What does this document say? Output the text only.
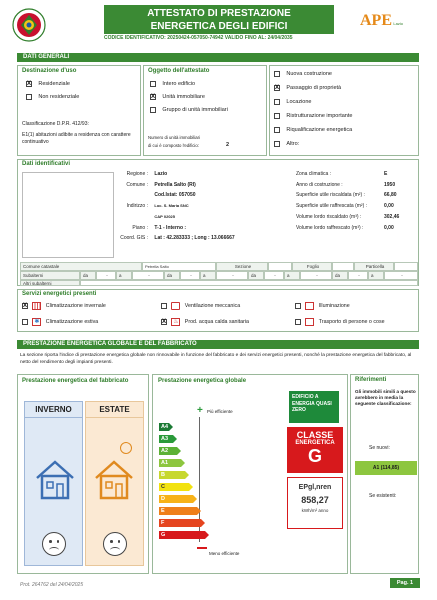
ATTESTATO DI PRESTAZIONE
ENERGETICA DEGLI EDIFICI
CODICE IDENTIFICATIVO: 20250424-057050-74942 VALIDO FINO AL: 24/04/2035
APE Lazio
DATI GENERALI
Destinazione d'uso
X Residenziale
Non residenziale
Classificazione D.P.R. 412/93:
E1(1) abitazioni adibite a residenza con carattere continuativo
Oggetto dell'attestato
Intero edificio
X Unità immobiliare
Gruppo di unità immobiliari
Numero di unità immobiliari
di cui è composto l'edificio:	2
Nuova costruzione
X Passaggio di proprietà
Locazione
Ristrutturazione importante
Riqualificazione energetica
Altro:
Dati identificativi
Regione : Lazio
Comune : Petrella Salto (RI)
Cod.Istat: 057050
Indirizzo : Loc. S. Maria SNC
CAP 02025
Piano : T-1 - Interno :
Coord. GIS : Lat : 42.283333 ; Long : 13.066667
Zona climatica :	E
Anno di costruzione :	1950
Superficie utile riscaldata (m²) :	66,80
Superficie utile raffrescata (m²) :	0,00
Volume lordo riscaldato (m³) :	302,46
Volume lordo raffrescato (m³) :	0,00
Comune catastale	Petrella Salto	Sezione	Foglio	Particella
Subalterni	da	-	a	-	da	-	a	-	da	-	a	-	da	-	a	-
Altri subalterni
Servizi energetici presenti
X	Climatizzazione invernale	Ventilazione meccanica	Illuminazione
✱ Climatizzazione estiva	X ♨ Prod. acqua calda sanitaria	Trasporto di persone o cose
PRESTAZIONE ENERGETICA GLOBALE E DEL FABBRICATO
La sezione riporta l'indice di prestazione energetica globale non rinnovabile in funzione del fabbricato e dei servizi energetici presenti, nonché la prestazione energetica del fabbricato, al netto del rendimento degli impianti presenti.
Prestazione energetica del fabbricato
INVERNO	ESTATE
Prestazione energetica globale
+ Più efficiente
A4
A3
A2
A1
B
C
D
E
F
G
Meno efficiente
EDIFICIO A ENERGIA QUASI ZERO
CLASSE
ENERGETICA
G
EPgl,nren
858,27
kWh/m² anno
Riferimenti
Gli immobili simili a questo avrebbero in media la seguente classificazione:
Se nuovi:
A1 (114,85)
Se esistenti:
Prot. 264762 del 24/04/2025	Pag. 1
